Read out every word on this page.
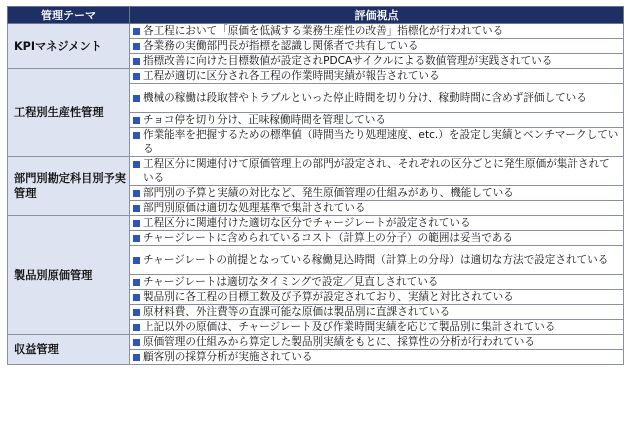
管理テーマ	評価視点
KPIマネジメント	各工程において「原価を低減する業務生産性の改善」指標化が行われている

	各業務の実働部門長が指標を認識し関係者で共有している

	指標改善に向けた目標数値が設定されPDCAサイクルによる数値管理が実践されている

工程別生産性管理	工程が適切に区分され各工程の作業時間実績が報告されている

	機械の稼働は段取替やトラブルといった停止時間を切り分け、稼動時間に含めず評価している

	チョコ停を切り分け、正味稼働時間を管理している

	作業能率を把握するための標準値（時間当たり処理速度、etc.）を設定し実績とベンチマークしている

部門別勘定科目別予実管理	工程区分に関連付けて原価管理上の部門が設定され、それぞれの区分ごとに発生原価が集計されている

	部門別の予算と実績の対比など、発生原価管理の仕組みがあり、機能している

	部門別原価は適切な処理基準で集計されている

製品別原価管理	工程区分に関連付けた適切な区分でチャージレートが設定されている

	チャージレートに含められているコスト（計算上の分子）の範囲は妥当である

	チャージレートの前提となっている稼働見込時間（計算上の分母）は適切な方法で設定されている

	チャージレートは適切なタイミングで設定／見直しされている

	製品別に各工程の目標工数及び予算が設定されており、実績と対比されている

	原材料費、外注費等の直課可能な原価は製品別に直課されている

	上記以外の原価は、チャージレート及び作業時間実績を応じて製品別に集計されている

収益管理	原価管理の仕組みから算定した製品別実績をもとに、採算性の分析が行われている

	顧客別の採算分析が実施されている
